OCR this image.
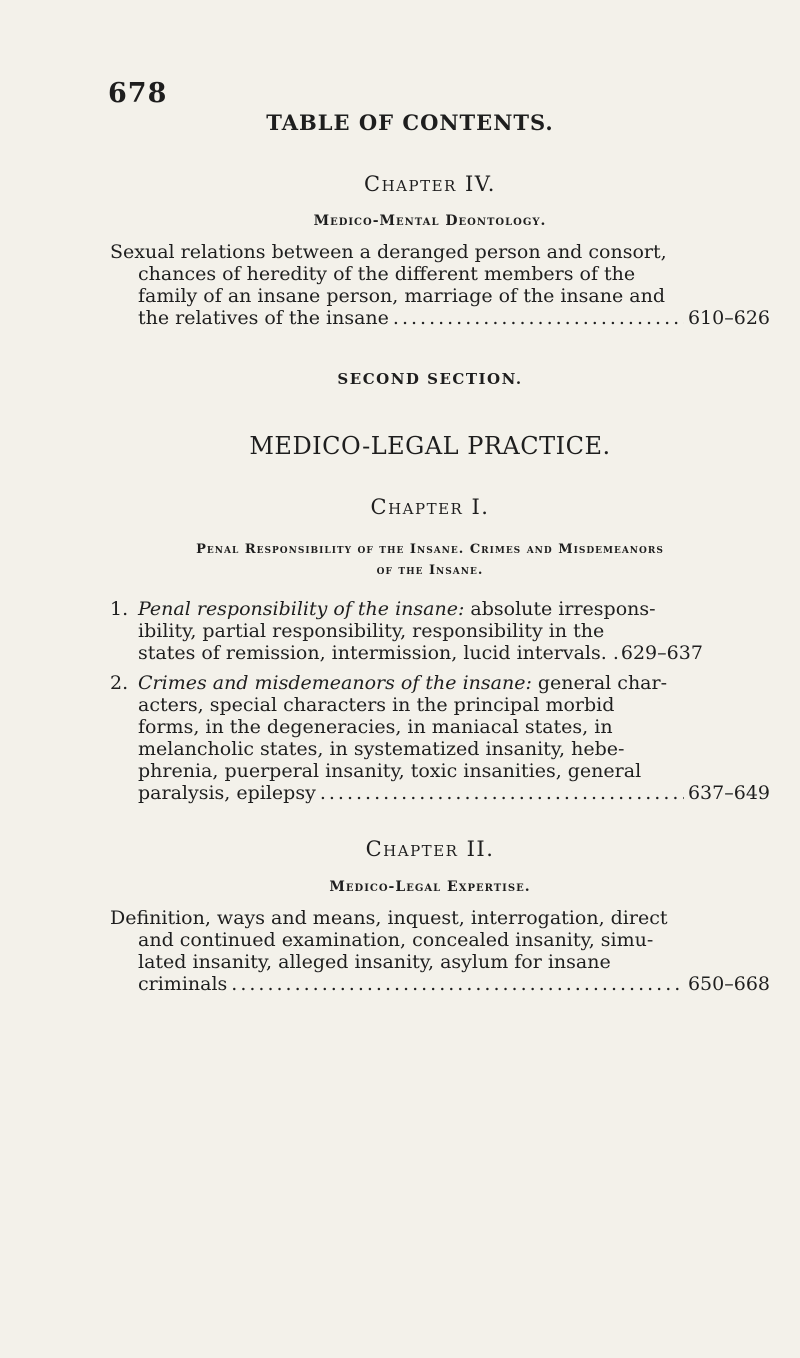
678
TABLE OF CONTENTS.
Chapter IV.
Medico-Mental Deontology.
Sexual relations between a deranged person and consort,
chances of heredity of the different members of the
family of an insane person, marriage of the insane and
the relatives of the insane .....	610–626
SECOND SECTION.
MEDICO-LEGAL PRACTICE.
Chapter I.
Penal Responsibility of the Insane. Crimes and Misdemeanors
of the Insane.
1. Penal responsibility of the insane: absolute irrespons-
ibility, partial responsibility, responsibility in the
states of remission, intermission, lucid intervals. . 629–637
2. Crimes and misdemeanors of the insane: general char-
acters, special characters in the principal morbid
forms, in the degeneracies, in maniacal states, in
melancholic states, in systematized insanity, hebe-
phrenia, puerperal insanity, toxic insanities, general
paralysis, epilepsy .....	637–649
Chapter II.
Medico-Legal Expertise.
Definition, ways and means, inquest, interrogation, direct
and continued examination, concealed insanity, simu-
lated insanity, alleged insanity, asylum for insane
criminals .....	650–668
